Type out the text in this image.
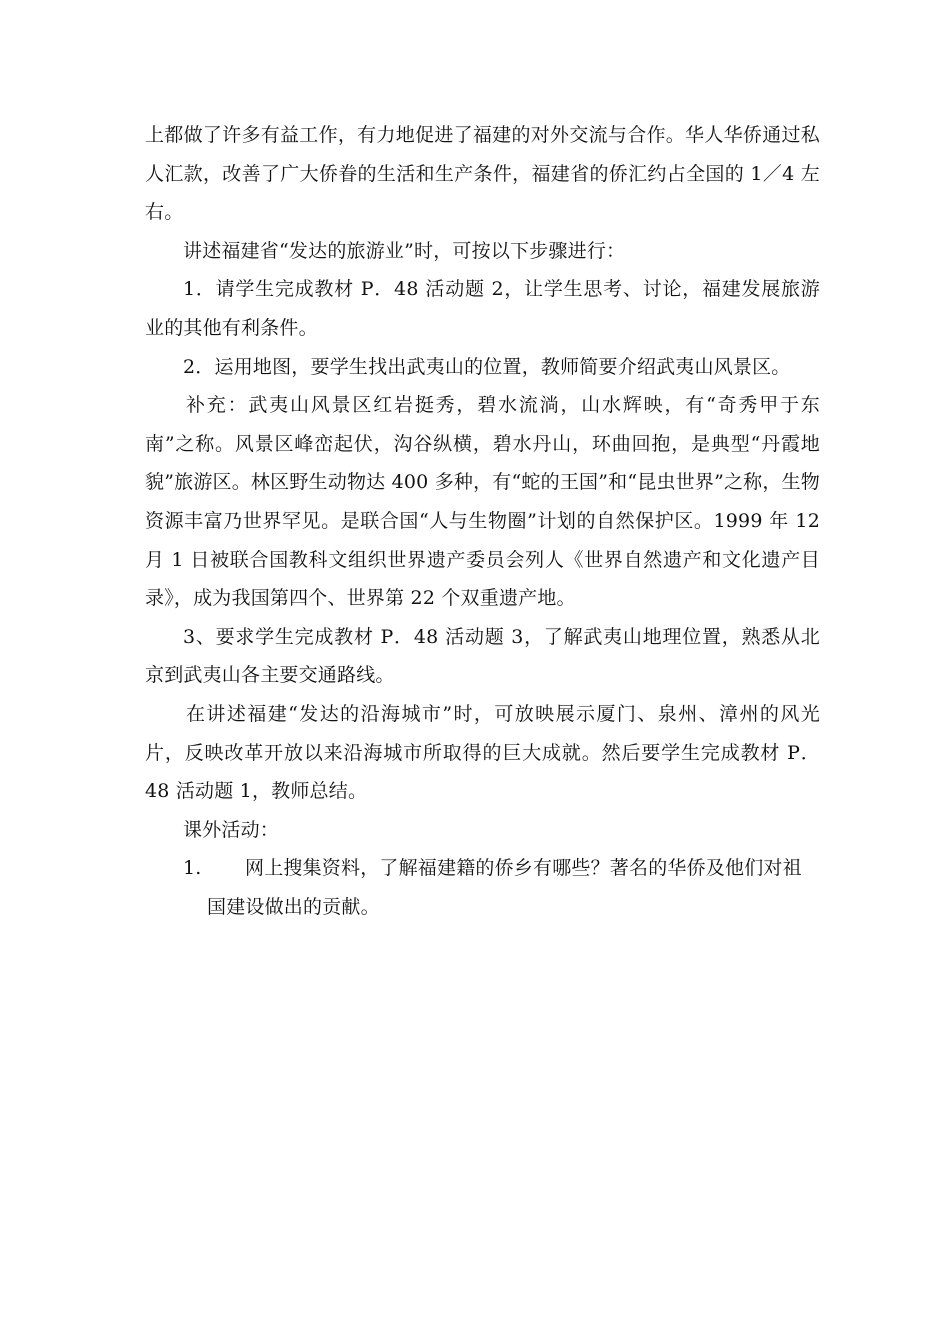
上都做了许多有益工作，有力地促进了福建的对外交流与合作。华人华侨通过私人汇款，改善了广大侨眷的生活和生产条件，福建省的侨汇约占全国的 1／4 左右。

讲述福建省“发达的旅游业”时，可按以下步骤进行：

1．请学生完成教材 P．48 活动题 2，让学生思考、讨论，福建发展旅游业的其他有利条件。

2．运用地图，要学生找出武夷山的位置，教师简要介绍武夷山风景区。

补充：武夷山风景区红岩挺秀，碧水流淌，山水辉映，有“奇秀甲于东南”之称。风景区峰峦起伏，沟谷纵横，碧水丹山，环曲回抱，是典型“丹霞地貌”旅游区。林区野生动物达 400 多种，有“蛇的王国”和“昆虫世界”之称，生物资源丰富乃世界罕见。是联合国“人与生物圈”计划的自然保护区。1999 年 12 月 1 日被联合国教科文组织世界遗产委员会列人《世界自然遗产和文化遗产目录》，成为我国第四个、世界第 22 个双重遗产地。

3、要求学生完成教材 P．48 活动题 3，了解武夷山地理位置，熟悉从北京到武夷山各主要交通路线。

在讲述福建“发达的沿海城市”时，可放映展示厦门、泉州、漳州的风光片，反映改革开放以来沿海城市所取得的巨大成就。然后要学生完成教材 P．48 活动题 1，教师总结。

课外活动：

1.	网上搜集资料，了解福建籍的侨乡有哪些？著名的华侨及他们对祖
国建设做出的贡献。
